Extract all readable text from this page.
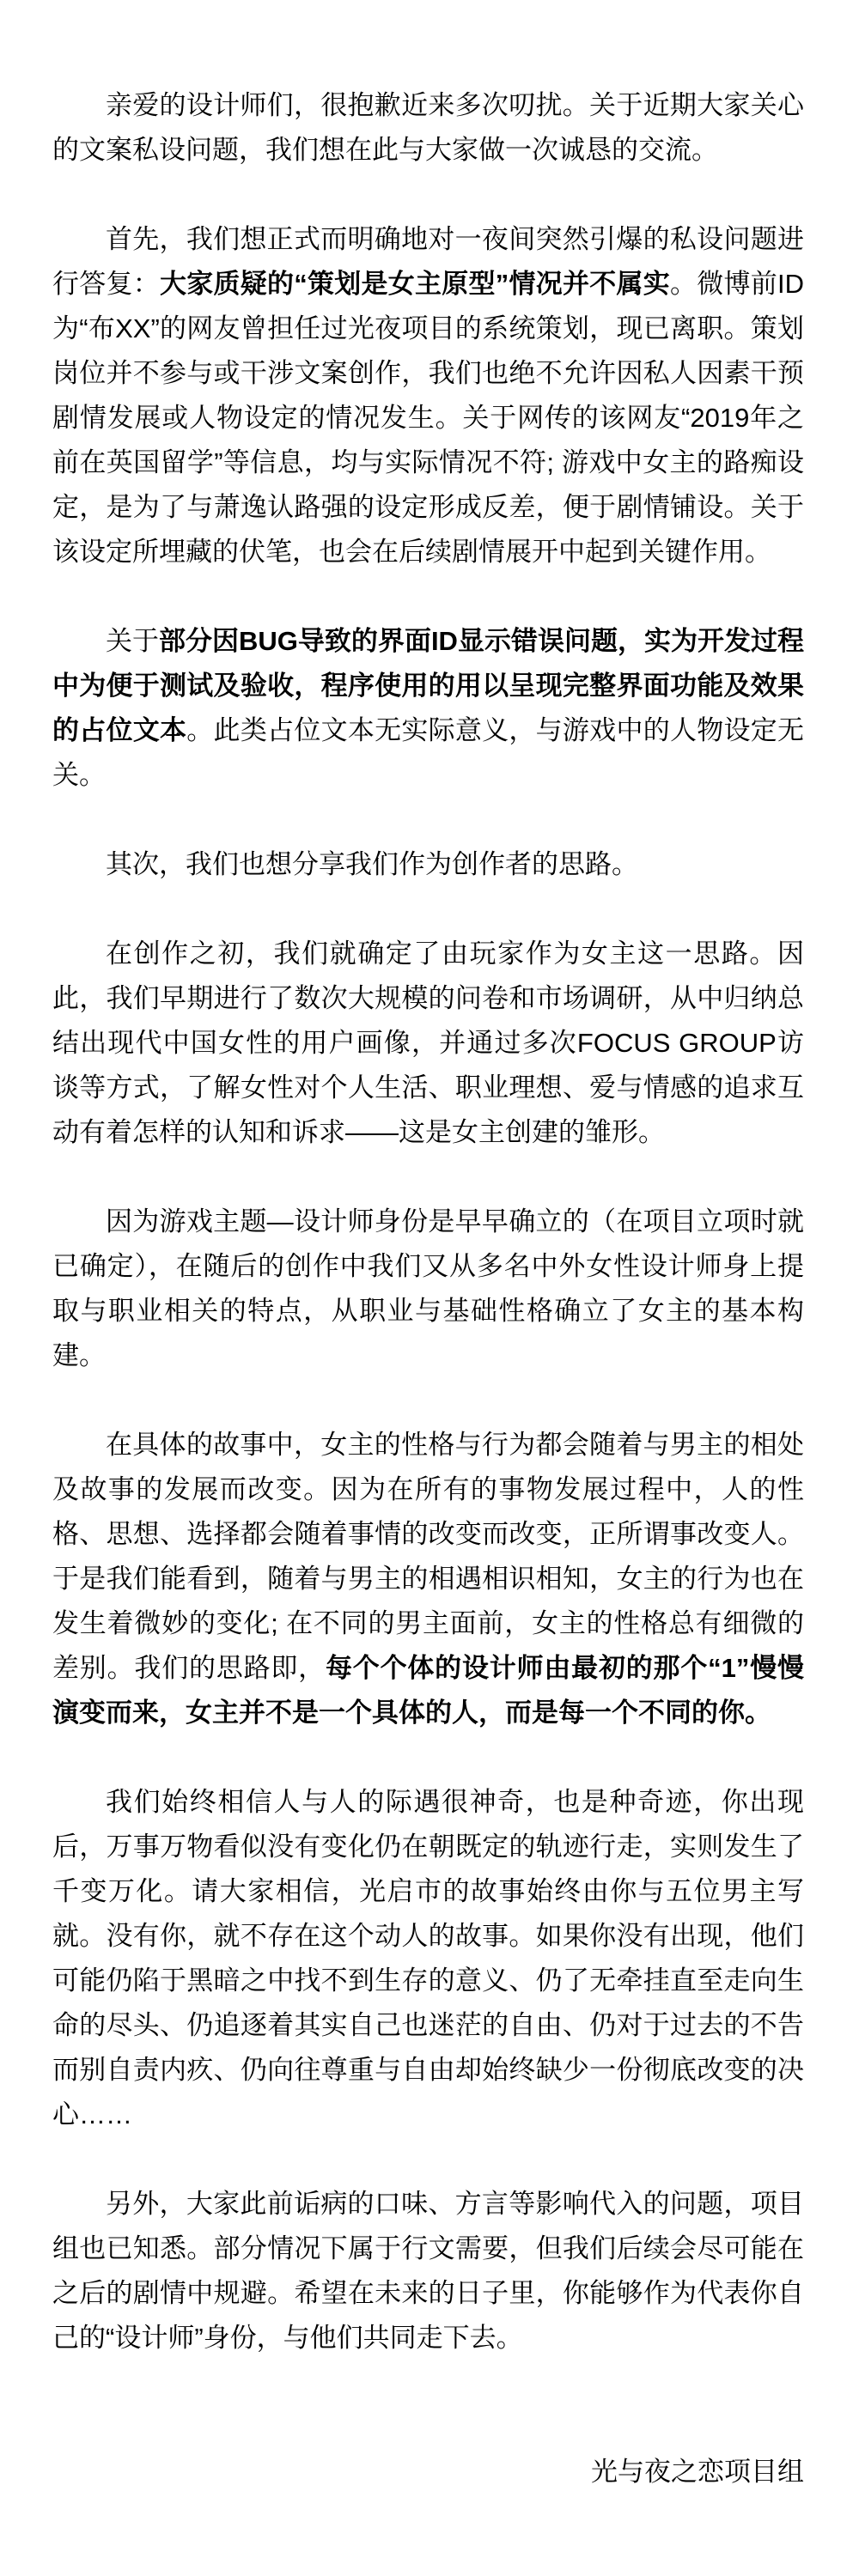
亲爱的设计师们，很抱歉近来多次叨扰。关于近期大家关心的文案私设问题，我们想在此与大家做一次诚恳的交流。

首先，我们想正式而明确地对一夜间突然引爆的私设问题进行答复：大家质疑的“策划是女主原型”情况并不属实。微博前ID为“布XX”的网友曾担任过光夜项目的系统策划，现已离职。策划岗位并不参与或干涉文案创作，我们也绝不允许因私人因素干预剧情发展或人物设定的情况发生。关于网传的该网友“2019年之前在英国留学”等信息，均与实际情况不符; 游戏中女主的路痴设定，是为了与萧逸认路强的设定形成反差，便于剧情铺设。关于该设定所埋藏的伏笔，也会在后续剧情展开中起到关键作用。

关于部分因BUG导致的界面ID显示错误问题，实为开发过程中为便于测试及验收，程序使用的用以呈现完整界面功能及效果的占位文本。此类占位文本无实际意义，与游戏中的人物设定无关。

其次，我们也想分享我们作为创作者的思路。

在创作之初，我们就确定了由玩家作为女主这一思路。因此，我们早期进行了数次大规模的问卷和市场调研，从中归纳总结出现代中国女性的用户画像，并通过多次FOCUS GROUP访谈等方式，了解女性对个人生活、职业理想、爱与情感的追求互动有着怎样的认知和诉求——这是女主创建的雏形。

因为游戏主题—设计师身份是早早确立的（在项目立项时就已确定），在随后的创作中我们又从多名中外女性设计师身上提取与职业相关的特点，从职业与基础性格确立了女主的基本构建。

在具体的故事中，女主的性格与行为都会随着与男主的相处及故事的发展而改变。因为在所有的事物发展过程中，人的性格、思想、选择都会随着事情的改变而改变，正所谓事改变人。于是我们能看到，随着与男主的相遇相识相知，女主的行为也在发生着微妙的变化; 在不同的男主面前，女主的性格总有细微的差别。我们的思路即，每个个体的设计师由最初的那个“1”慢慢演变而来，女主并不是一个具体的人，而是每一个不同的你。

我们始终相信人与人的际遇很神奇，也是种奇迹，你出现后，万事万物看似没有变化仍在朝既定的轨迹行走，实则发生了千变万化。请大家相信，光启市的故事始终由你与五位男主写就。没有你，就不存在这个动人的故事。如果你没有出现，他们可能仍陷于黑暗之中找不到生存的意义、仍了无牵挂直至走向生命的尽头、仍追逐着其实自己也迷茫的自由、仍对于过去的不告而别自责内疚、仍向往尊重与自由却始终缺少一份彻底改变的决心……

另外，大家此前诟病的口味、方言等影响代入的问题，项目组也已知悉。部分情况下属于行文需要，但我们后续会尽可能在之后的剧情中规避。希望在未来的日子里，你能够作为代表你自己的“设计师”身份，与他们共同走下去。

光与夜之恋项目组
